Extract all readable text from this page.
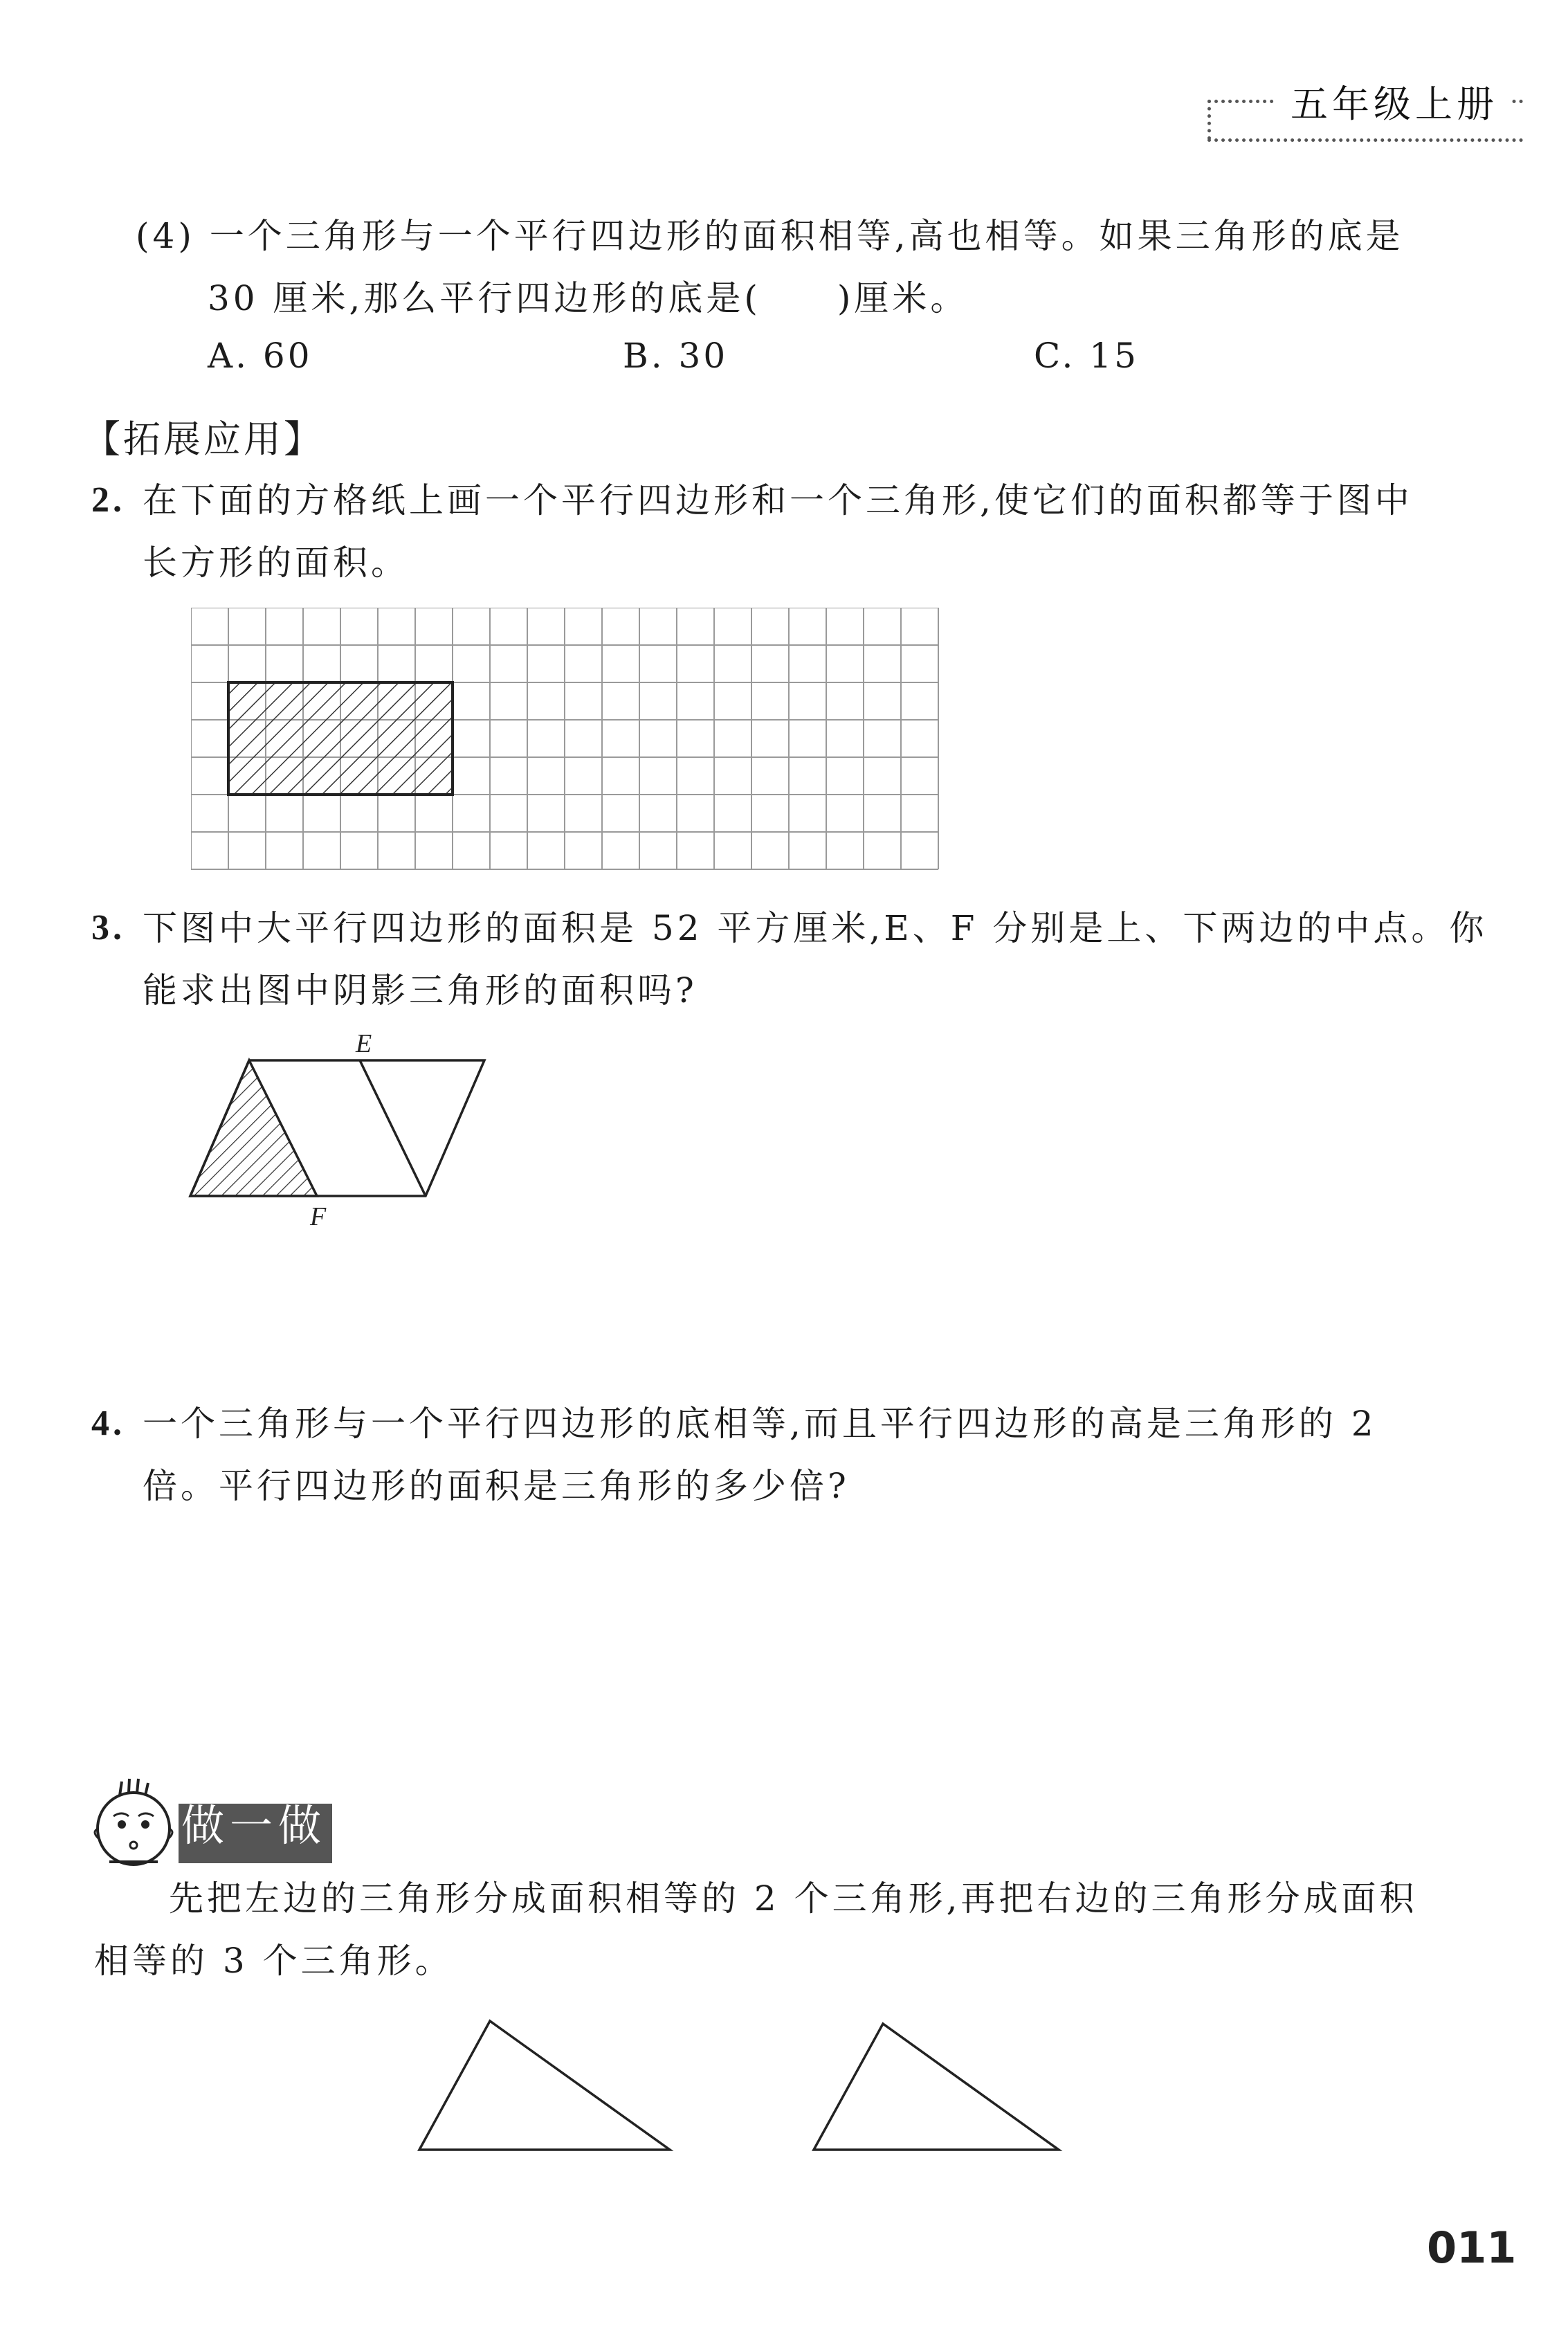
五年级上册
(4) 一个三角形与一个平行四边形的面积相等,高也相等。如果三角形的底是
30 厘米,那么平行四边形的底是(　　)厘米。
A. 60	B. 30	C. 15
【拓展应用】
2. 在下面的方格纸上画一个平行四边形和一个三角形,使它们的面积都等于图中
长方形的面积。
3. 下图中大平行四边形的面积是 52 平方厘米,E、F 分别是上、下两边的中点。你
能求出图中阴影三角形的面积吗?
E
F
4. 一个三角形与一个平行四边形的底相等,而且平行四边形的高是三角形的 2
倍。平行四边形的面积是三角形的多少倍?
做一做
先把左边的三角形分成面积相等的 2 个三角形,再把右边的三角形分成面积
相等的 3 个三角形。
011
